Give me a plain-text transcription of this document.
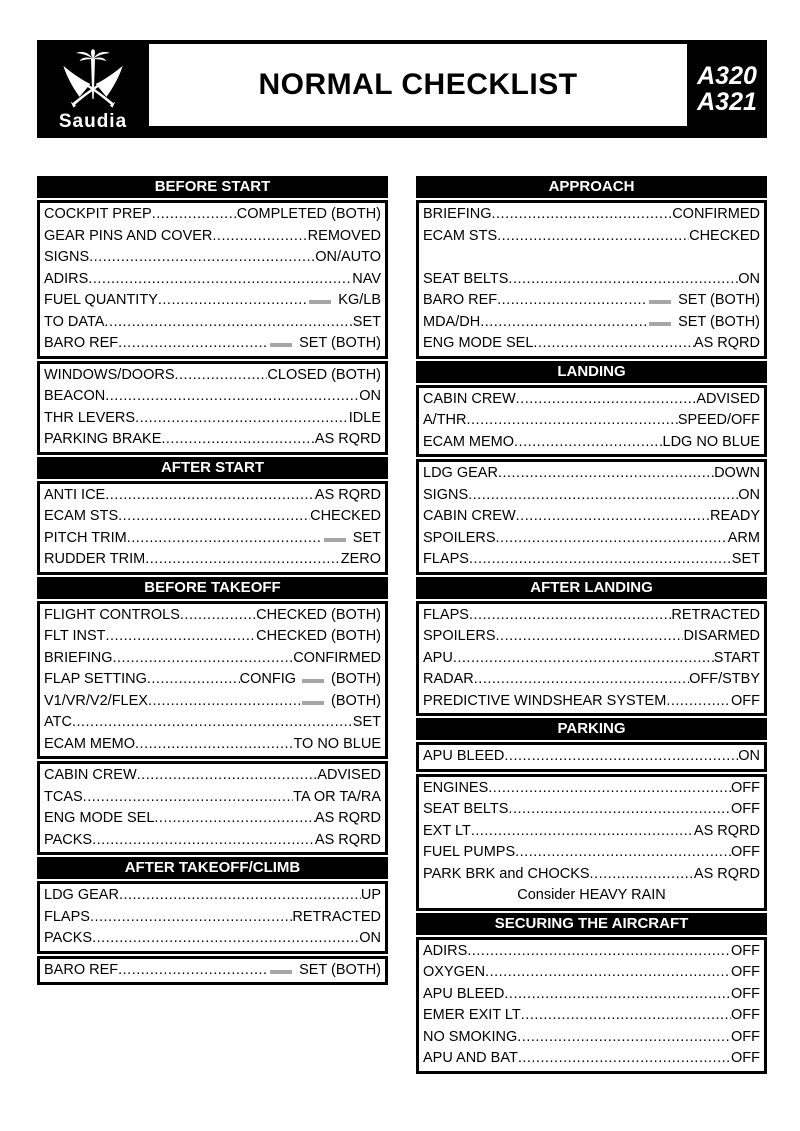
Saudia
NORMAL CHECKLIST	A320
A321
BEFORE START
COCKPIT PREP .....	COMPLETED (BOTH)
GEAR PINS AND COVER .....	REMOVED
SIGNS .....	ON/AUTO
ADIRS .....	NAV
FUEL QUANTITY .....	KG/LB
TO DATA .....	SET
BARO REF .....	SET (BOTH)
WINDOWS/DOORS .....	CLOSED (BOTH)
BEACON .....	ON
THR LEVERS .....	IDLE
PARKING BRAKE .....	AS RQRD
AFTER START
ANTI ICE .....	AS RQRD
ECAM STS .....	CHECKED
PITCH TRIM .....	SET
RUDDER TRIM .....	ZERO
BEFORE TAKEOFF
FLIGHT CONTROLS .....	CHECKED (BOTH)
FLT INST .....	CHECKED (BOTH)
BRIEFING .....	CONFIRMED
FLAP SETTING .....	CONFIG  (BOTH)
V1/VR/V2/FLEX .....	(BOTH)
ATC .....	SET
ECAM MEMO .....	TO NO BLUE
CABIN CREW .....	ADVISED
TCAS .....	TA OR TA/RA
ENG MODE SEL .....	AS RQRD
PACKS .....	AS RQRD
AFTER TAKEOFF/CLIMB
LDG GEAR .....	UP
FLAPS .....	RETRACTED
PACKS .....	ON
BARO REF .....	SET (BOTH)
APPROACH
BRIEFING .....	CONFIRMED
ECAM STS .....	CHECKED
SEAT BELTS .....	ON
BARO REF .....	SET (BOTH)
MDA/DH .....	SET (BOTH)
ENG MODE SEL .....	AS RQRD
LANDING
CABIN CREW .....	ADVISED
A/THR .....	SPEED/OFF
ECAM MEMO .....	LDG NO BLUE
LDG GEAR .....	DOWN
SIGNS .....	ON
CABIN CREW .....	READY
SPOILERS .....	ARM
FLAPS .....	SET
AFTER LANDING
FLAPS .....	RETRACTED
SPOILERS .....	DISARMED
APU .....	START
RADAR .....	OFF/STBY
PREDICTIVE WINDSHEAR SYSTEM .....	OFF
PARKING
APU BLEED .....	ON
ENGINES .....	OFF
SEAT BELTS .....	OFF
EXT LT .....	AS RQRD
FUEL PUMPS .....	OFF
PARK BRK and CHOCKS .....	AS RQRD
Consider HEAVY RAIN
SECURING THE AIRCRAFT
ADIRS .....	OFF
OXYGEN .....	OFF
APU BLEED .....	OFF
EMER EXIT LT .....	OFF
NO SMOKING .....	OFF
APU AND BAT .....	OFF
